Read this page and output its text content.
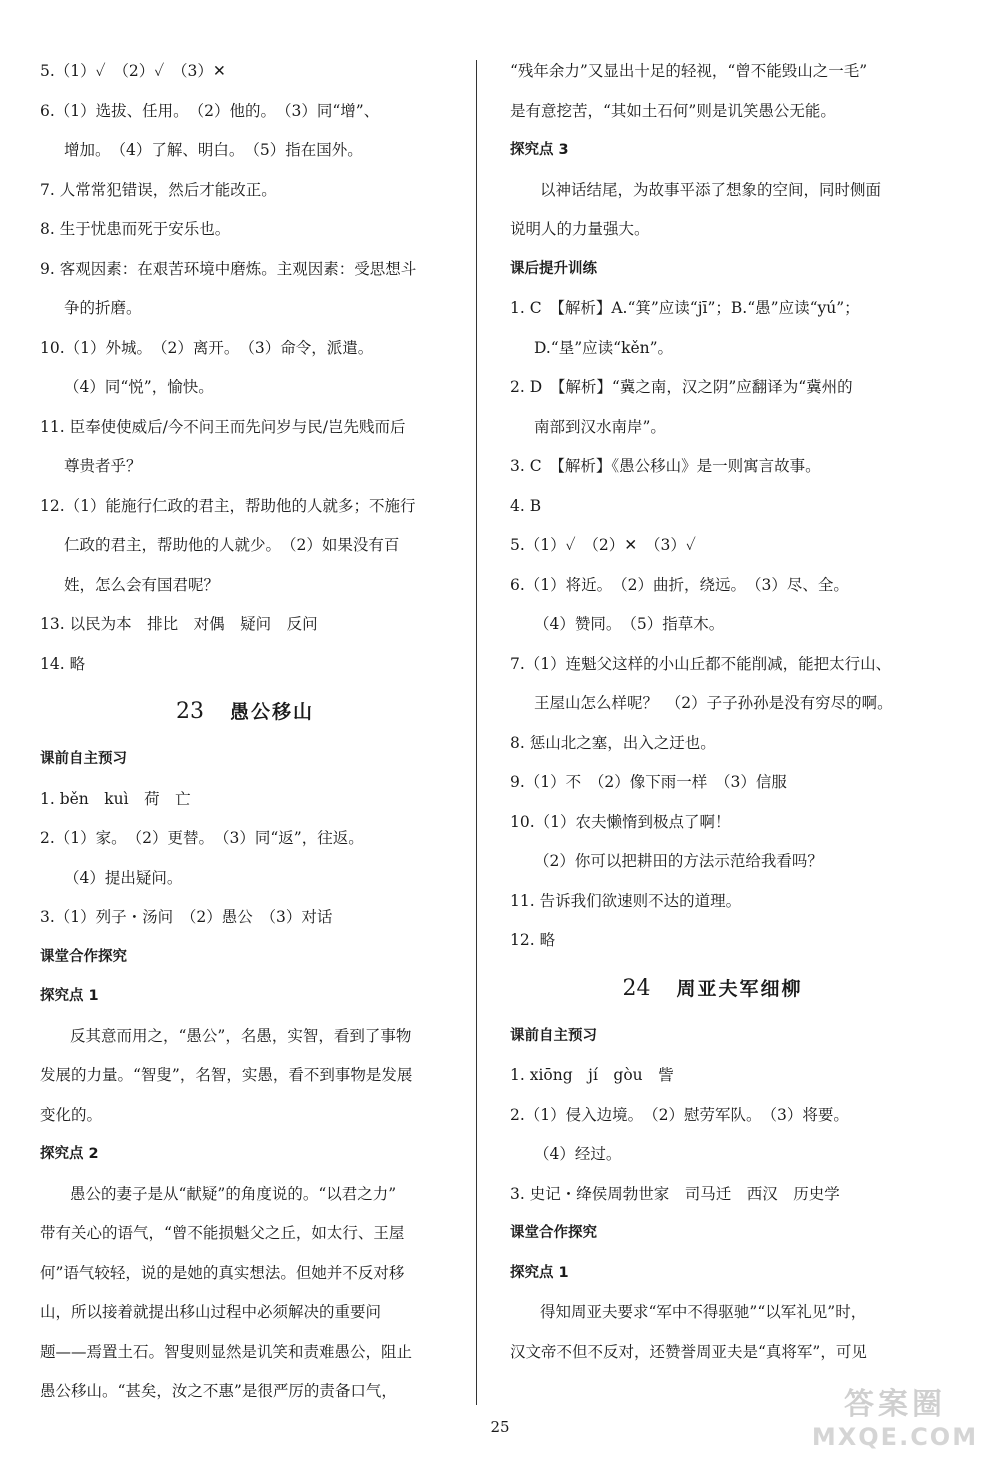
5.（1）✓　（2）✓　（3）✕
6.（1）选拔、任用。　（2）他的。　（3）同“增”、
增加。　（4）了解、明白。　（5）指在国外。
7. 人常常犯错误，然后才能改正。
8. 生于忧患而死于安乐也。
9. 客观因素：在艰苦环境中磨炼。主观因素：受思想斗
争的折磨。
10.（1）外城。　（2）离开。　（3）命令，派遣。
（4）同“悦”，愉快。
11. 臣奉使使威后/今不问王而先问岁与民/岂先贱而后
尊贵者乎？
12.（1）能施行仁政的君主，帮助他的人就多；不施行
仁政的君主，帮助他的人就少。　（2）如果没有百
姓，怎么会有国君呢？
13. 以民为本　排比　对偶　疑问　反问
14. 略
23 愚公移山
课前自主预习
1. běn　kuì　荷　亡
2.（1）家。　（2）更替。　（3）同“返”，往返。
（4）提出疑问。
3.（1）列子・汤问　（2）愚公　（3）对话
课堂合作探究
探究点 1
反其意而用之，“愚公”，名愚，实智，看到了事物
发展的力量。“智叟”，名智，实愚，看不到事物是发展
变化的。
探究点 2
愚公的妻子是从“献疑”的角度说的。“以君之力”
带有关心的语气，“曾不能损魁父之丘，如太行、王屋
何”语气较轻，说的是她的真实想法。但她并不反对移
山，所以接着就提出移山过程中必须解决的重要问
题——焉置土石。智叟则显然是讥笑和责难愚公，阻止
愚公移山。“甚矣，汝之不惠”是很严厉的责备口气，
“残年余力”又显出十足的轻视，“曾不能毁山之一毛”
是有意挖苦，“其如土石何”则是讥笑愚公无能。
探究点 3
以神话结尾，为故事平添了想象的空间，同时侧面
说明人的力量强大。
课后提升训练
1. C　【解析】A.“箕”应读“jī”；B.“愚”应读“yú”；
D.“垦”应读“kěn”。
2. D　【解析】“冀之南，汉之阴”应翻译为“冀州的
南部到汉水南岸”。
3. C　【解析】《愚公移山》是一则寓言故事。
4. B
5.（1）✓　（2）✕　（3）✓
6.（1）将近。　（2）曲折，绕远。　（3）尽、全。
（4）赞同。　（5）指草木。
7.（1）连魁父这样的小山丘都不能削减，能把太行山、
王屋山怎么样呢？　（2）子子孙孙是没有穷尽的啊。
8. 惩山北之塞，出入之迂也。
9.（1）不　（2）像下雨一样　（3）信服
10.（1）农夫懒惰到极点了啊！
（2）你可以把耕田的方法示范给我看吗？
11. 告诉我们欲速则不达的道理。
12. 略
24 周亚夫军细柳
课前自主预习
1. xiōng　jí　gòu　訾
2.（1）侵入边境。　（2）慰劳军队。　（3）将要。
（4）经过。
3. 史记・绛侯周勃世家　司马迁　西汉　历史学
课堂合作探究
探究点 1
得知周亚夫要求“军中不得驱驰”“以军礼见”时，
汉文帝不但不反对，还赞誉周亚夫是“真将军”，可见
25
答案圈
MXQE.COM
